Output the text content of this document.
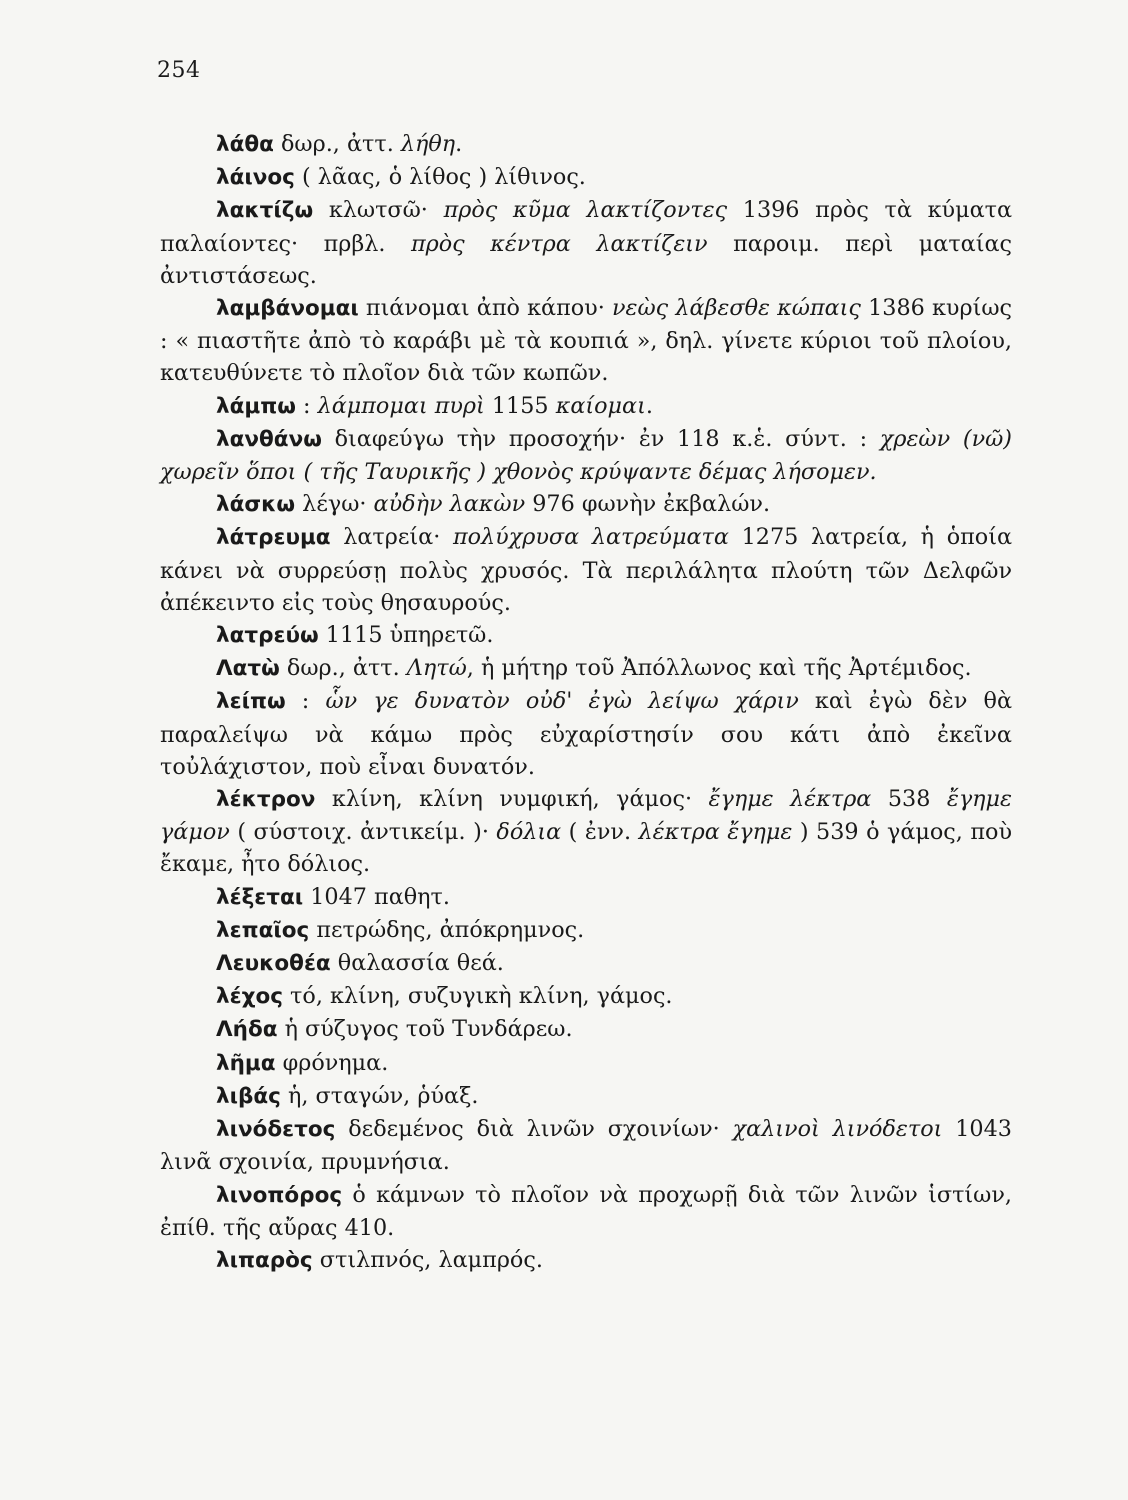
254

λάθα δωρ., ἀττ. λήθη.

λάινος ( λᾶας, ὁ λίθος ) λίθινος.

λακτίζω κλωτσῶ· πρὸς κῦμα λακτίζοντες 1396 πρὸς τὰ κύματα παλαίοντες· πρβλ. πρὸς κέντρα λακτίζειν παροιμ. περὶ ματαίας ἀντιστάσεως.

λαμβάνομαι πιάνομαι ἀπὸ κάπου· νεὼς λάβεσθε κώπαις 1386 κυρίως : « πιαστῆτε ἀπὸ τὸ καράβι μὲ τὰ κουπιά », δηλ. γίνετε κύριοι τοῦ πλοίου, κατευθύνετε τὸ πλοῖον διὰ τῶν κωπῶν.

λάμπω : λάμπομαι πυρὶ 1155 καίομαι.

λανθάνω διαφεύγω τὴν προσοχήν· ἐν 118 κ.ἑ. σύντ. : χρεὼν (νῶ) χωρεῖν ὅποι ( τῆς Ταυρικῆς ) χθονὸς κρύψαντε δέμας λήσομεν.

λάσκω λέγω· αὐδὴν λακὼν 976 φωνὴν ἐκβαλών.

λάτρευμα λατρεία· πολύχρυσα λατρεύματα 1275 λατρεία, ἡ ὁποία κάνει νὰ συρρεύσῃ πολὺς χρυσός. Τὰ περιλάλητα πλούτη τῶν Δελφῶν ἀπέκειντο εἰς τοὺς θησαυρούς.

λατρεύω 1115 ὑπηρετῶ.

Λατὼ δωρ., ἀττ. Λητώ, ἡ μήτηρ τοῦ Ἀπόλλωνος καὶ τῆς Ἀρτέμιδος.

λείπω : ὧν γε δυνατὸν οὐδ' ἐγὼ λείψω χάριν καὶ ἐγὼ δὲν θὰ παραλείψω νὰ κάμω πρὸς εὐχαρίστησίν σου κάτι ἀπὸ ἐκεῖνα τοὐλάχιστον, ποὺ εἶναι δυνατόν.

λέκτρον κλίνη, κλίνη νυμφική, γάμος· ἔγημε λέκτρα 538 ἔγημε γάμον ( σύστοιχ. ἀντικείμ. )· δόλια ( ἐνν. λέκτρα ἔγημε ) 539 ὁ γάμος, ποὺ ἔκαμε, ἦτο δόλιος.

λέξεται 1047 παθητ.

λεπαῖος πετρώδης, ἀπόκρημνος.

Λευκοθέα θαλασσία θεά.

λέχος τό, κλίνη, συζυγικὴ κλίνη, γάμος.

Λήδα ἡ σύζυγος τοῦ Τυνδάρεω.

λῆμα φρόνημα.

λιβάς ἡ, σταγών, ῥύαξ.

λινόδετος δεδεμένος διὰ λινῶν σχοινίων· χαλινοὶ λινόδετοι 1043 λινᾶ σχοινία, πρυμνήσια.

λινοπόρος ὁ κάμνων τὸ πλοῖον νὰ προχωρῇ διὰ τῶν λινῶν ἱστίων, ἐπίθ. τῆς αὔρας 410.

λιπαρὸς στιλπνός, λαμπρός.
